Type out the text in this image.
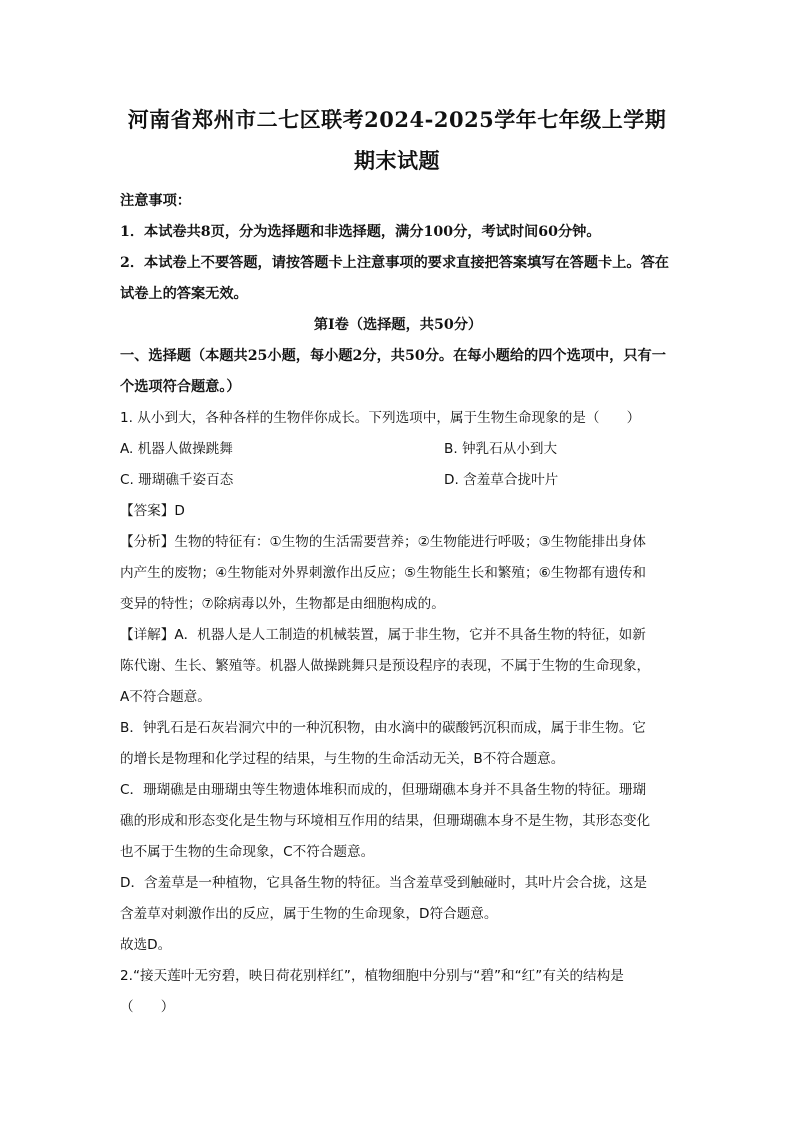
河南省郑州市二七区联考2024-2025学年七年级上学期
期末试题
注意事项：
1．本试卷共8页，分为选择题和非选择题，满分100分，考试时间60分钟。
2．本试卷上不要答题，请按答题卡上注意事项的要求直接把答案填写在答题卡上。答在
试卷上的答案无效。
第Ⅰ卷（选择题，共50分）
一、选择题（本题共25小题，每小题2分，共50分。在每小题给的四个选项中，只有一
个选项符合题意。）
1. 从小到大，各种各样的生物伴你成长。下列选项中，属于生物生命现象的是（　　）
A. 机器人做操跳舞	B. 钟乳石从小到大
C. 珊瑚礁千姿百态	D. 含羞草合拢叶片
【答案】D
【分析】生物的特征有：①生物的生活需要营养；②生物能进行呼吸；③生物能排出身体
内产生的废物；④生物能对外界刺激作出反应；⑤生物能生长和繁殖；⑥生物都有遗传和
变异的特性；⑦除病毒以外，生物都是由细胞构成的。
【详解】A．机器人是人工制造的机械装置，属于非生物，它并不具备生物的特征，如新
陈代谢、生长、繁殖等。机器人做操跳舞只是预设程序的表现，不属于生物的生命现象，
A不符合题意。
B．钟乳石是石灰岩洞穴中的一种沉积物，由水滴中的碳酸钙沉积而成，属于非生物。它
的增长是物理和化学过程的结果，与生物的生命活动无关，B不符合题意。
C．珊瑚礁是由珊瑚虫等生物遗体堆积而成的，但珊瑚礁本身并不具备生物的特征。珊瑚
礁的形成和形态变化是生物与环境相互作用的结果，但珊瑚礁本身不是生物，其形态变化
也不属于生物的生命现象，C不符合题意。
D．含羞草是一种植物，它具备生物的特征。当含羞草受到触碰时，其叶片会合拢，这是
含羞草对刺激作出的反应，属于生物的生命现象，D符合题意。
故选D。
2.“接天莲叶无穷碧，映日荷花别样红”，植物细胞中分别与“碧”和“红”有关的结构是
（　　）
